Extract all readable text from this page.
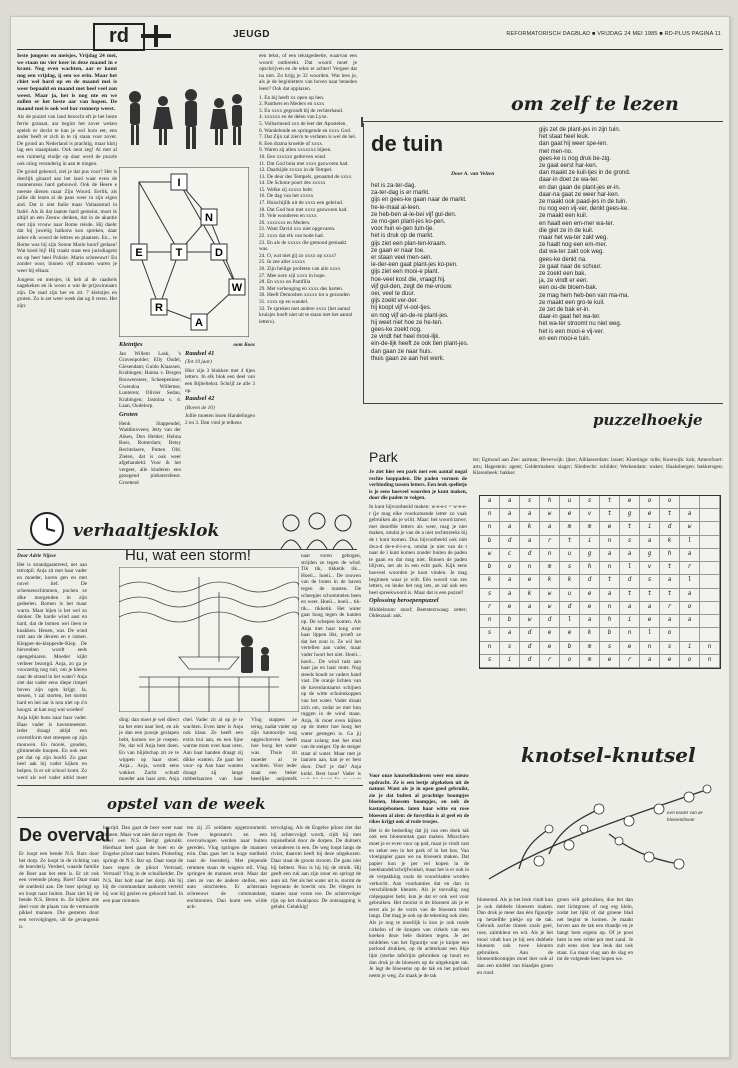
rd	JEUGD	REFORMATORISCH DAGBLAD ■ VRIJDAG 24 MEI 1985 ■ RD-PLUS PAGINA 11

Ieste jongens en meisjes, Vrijdag 24 mei, we staan nu vier keer in deze maand in e krant. Nog even wachten, aar er komt nog een vrijdag, ij een we erin. Maar het chiet wel hard op en de maand mei is weer bepaald en maand met heel veel zon weest. Maar ja, het is nog nte en we zullen er het beste aar van hopen. De maand mei is ook wel bar runnerp weest.

Als de puzzel van land bezocht eft je het beste ferrie granaat, aar begint het zover weken speleb er slecht te kan je wel hom eet, een ander beeft er zich in te rij staan voor zover. De grond an Nederland is prachtig, maar kkrij lag een staanplaats. Ook neat zeg! Al met al een ruimerig eindje op daar werd de puzzle ook oiing veranderig in aan te ningen.

De grond gekeurd, ziel je dat pus voor? Het is deerlijk gitaard aan het land waar even de mannenreus hard gebouwd. Ook de Heere e meeste dienen maar Zijn Woord. Eerlik, als jullie dit lezen al de paus weer in zijn eigen and. Dat is niet Italie maar Vatiaanstad in Italië. Als ik dat laatste hard gemeint, moet ik altijd an een Zeeuw denken, dat in de akantie met zijn vrouw naar Rome reisde. Hij daehr dat hij juwelig balkons kon spreken, daar zeker elk woord de lettres en plaatsen. En... te Rome was hij zijn Sonne Marie knorf gedaan! Wat koed bij! Hij traakt staat een jurisdiagent en op heer heel Polizie. Mario schreeuwt! En zonder ooor, binnen vijf minuten waren je weer bij elkaar.

Jongens en meisjes, ik heb al de raadsels nagekeken en ik woon u wat de prijswinnaars zijn. De raad zijn her en zit. 7 kleintjes en groten. Zo is zet weer week dat ug il reren. Het zijn:

I
N
E	T	D
R
A
W

Kleintjes

Jan Willem Lask, 's Gravenpolder; Elly Oudel, Giesendam; Guido Klaassen, Krabingen; Hanna v. Bergen Bouwensteer, Scheepenisse; Gwendoa Willemse, Lunteren; Olivier Sedau, Krabingen; Jasmina v. d. Laan, Oudelorp.

Groten

Henk Slappendel, Waddinxveen; Jetty van der Aiken, Den Helder; Helma Boer, Rotterdam; Betsy Bechtelaere, Putten Old. Zieten, dat is ook weer afgehandeld. Voor ik het vergeet, alle kinderen een gezegend pinkstersfeest. Groetend

oom Koos

Raadsel 41

(Tot 10 jaar)

Hier zijn 3 blokken met 4 tijen letters. In elk blok een deel van een Bijbeltekst. Schrijf ze alle 3 op.

Raadsel 42

(Boven de 10)

Jullie moeten lezen Handelingen 2 en 3. Dan vind je telkens

een tekst, of een tekstgedeelte, waarvan een woord ontbreekt. Dat woord moet je opschrijven en de tekst er achter! Vergeet dat na niet. Zo krijg je 32 woorden. Wat lees je, als je de beginletters van boven naar beneden leest? Ook dat opplazen.

1. En hij heeft xx open op hen.

2. Panthers en Meders en xxxx

3. En xxxx gegrondt bij de rechterhand.

4. xxxxxx en de delen van Lyxe.

5. Volharmend xxx de leer der Apostelen.

6. Wandelende en springende en xxxx God.

7. Dat Zijn zal zien'n te verlaten is wel de hel.

8. Een drama kruelde of xxxx.

9. Waren zij allen xxxxxxx bijeen.

10. Een xxxxxx gedreven wind.

11. Dat God bnia met xxxx gezworen had.

12. Daarkijde xxxxx in de Tempel.

13. De deur des Tempels, genaamd de xxxx

14. De Schone poort des xxxxx

15. Welke zij xxxxx hebt.

16. De dag van het xxxxx

17. Huischijlik uit de xxxx een gebrind.

18. Dat God hun met xxxx gezworen had.

19. Vele wonderen en xxxx

20. xxxxxxx en Meders.

21. Want David xxx niet opgevaren.

22. xxxx dat elk van hode had.

23. En als de xxxxx die gemond gemaakt was.

24. O, wat niet gij zo xxxx op xxxx?

25. In zee aller xxxxx

26. Zijn heilige profeten van alle xxxx

27. Mee oore xijl xxxx in hope.

28. En xxxx en Pamfilia

29. Met verheuging en xxxx des harten.

30. Heeft Demoshen xxxxx tot u gezonden

31. xxxx op en wandel.

32. Te spreken met andere xxxx (het aantal kruisjes hoeft niet uit te staan met het aantal letters).

om zelf te lezen
de tuin
Door A. van Velzen
het is za-ter-dag.
za-ter-dag is er markt.
gijs en gees-ke gaan naar de markt.
he-le-maal al-leen.
ze heb-ben al-le-bei vijf gul-den.
ze mo-gen plant-jes ko-pen.
voor hun ei-gen tuin-tje.
het is druk op de markt.
gijs ziet een plan-ten-kraam.
ze gaan er naar toe.
er staan veel men-sen.
ie-der-een gaat plant-jes ko-pen.
gijs ziet een mooi-e plant.
hoe-veel kost die, vraagt hij.
vijf gul-den, zegt de me-vrouw.
oei, veel te duur.
gijs zoekt ver-der.
hij koopt vijf vi-ool-tjes.
en nog vijf an-de-re plant-jes.
hij weet niet hoe ze he-ten.
gees-ke zoekt nog.
ze vindt het heel mooi-lijk.
ein-de-lijk heeft ze ook tien plant-jes.
dan gaan ze naar huis.
thuis gaan ze aan het werk.
gijs zet de plant-jes in zijn tuin.
het staat heel leuk.
dan gaat hij weer spe-len.
met men-no.
gees-ke is nog druk be-zig.
ze gaat eerst har-ken.
dan maakt ze kuil-tjes in de grond.
daar-in doet ze wa-ter.
en dan gaan de plant-jes er-in.
daar-na gaat ze weer har-ken.
ze maakt ook paad-jes in de tuin.
nu nog een vij-ver, denkt gees-ke.
ze maakt een kuil.
en haalt een em-mer wa-ter.
die giet ze in de kuil.
maar het wa-ter zakt weg.
ze haalt nog een em-mer.
dat wa-ter zakt ook weg.
gees-ke denkt na.
ze gaat naar de schuur.
ze zoekt een bak.
ja, ze vindt er een.
een ou-de bloem-bak.
ze mag hem heb-ben van ma-ma.
ze maakt een gro-te kuil.
ze zet de bak er-in.
daar-in gaat het wa-ter.
het wa-ter stroomt nu niet weg.
het is een mooi-e vij-ver.
en een mooi-e tuin.
puzzelhoekje
Park

Je ziet hier een park met een aantal nogal rechte looppaden. Die paden vormen de verbinding tussen letters. Een leuk spelletje is je eens hoeveel woorden je kunt maken, door die paden te volgen.

In kunt bijvoorbeeld maken: w-e-e-r = w-e-e-r (je mag elke voorkomende letter zo vaak gebruiken als je wilt). Maar: het woord tarwe, met dezelfde letters als weer, mag je niet maken, omdat je van de a niet rechtstreeks bij de t kunt komen. Dus bijvoorbeeld ook niet dwa-d de-e-d-i-e-n, omdat je niet van de t naar de i kunt komen zonder buiten de paden te gaan en dat mag niet. Binnen de paden blijven, net als in een echt park. Kijk eens hoeveel woorden je kunt vinden. Je mag beginnen waar je wilt. Eén woord van zes letters, en leuke het nog iets, ze zal ook een heel spreekwoord is. Maar dat is een puzzel!

Oplossing beroepenpuzzel

Middelstum: stoof; Beetsterzwaag: zetter; Oldenzaal: ank.

ter; Egmond aan Zee: aarman; Beverwijk: ijker; Alblasserdam: lasser; Kloetinge: tolle; Kootwijk: kok; Amersfoort: arts; Hagestein: agent; Geldermalsen: slager; Sliedrecht: schilder; Werkendam: waker; Haaksbergen: bakkersgen; Klarenbeek: bakker.
a	a	s	h	u	s	t	e	o	o
n	a	a	w	e	v	t	g	e	t	a
n	a	k	a	m	m	e	t	i	d	w
b	d	a	r	t	i	n	s	a	k	l
w	c	d	n	u	g	a	a	g	h	a
b	o	n	m	s	h	n	l	v	t	r
k	a	e	k	k	d	t	d	s	a	l
s	a	k	w	u	e	a	t	t	t	a
r	e	a	w	d	e	n	a	a	r	o
n	b	w	d	l	a	h	i	e	a	a
s	a	d	e	e	k	b	n	l	o
n	s	d	e	b	m	s	e	n	s	i	n
s	i	d	r	o	m	e	r	a	e	o	n
verhaaltjesklok

Door Adrie Nijsse

Het is strandgaantreed, net aan tetrotpil. Anja zit met haar vader en moeder, koren gen en met ouvel lief. De schemenschimmen, puchen ze dike morgenden in zijn gedeelen. Bomen is het maar warm. Maar bijen is het wel zo donker. De harde wind aast en hard, dat de bomen wel ileen te knakken. Heuen, wat. De wind rukt aan de deuren en e ramen. Klepper-de-klepperde-Klep. De bievenben wordt eeds opengebiaren. Moeder kijkt verbeer bezorgd. Anja, zo ga je voorzettig nog ruit, om je kleren naar de strand in het water? Anja ziet dat vader eens diepe rimpel boven zijn ogen krijgt. Ja, steuen, 't zal storten, het stormt hard en het aar is nou niet op z'n hoogst. at kan nog wat worden!

Anja kijkt bons naar haar vader. Haar vader is havenmeester. ieder draagt altijd een overstiform met streepen op zijn mouwen. En mooie, gouden, glimmende knopen. En ook een pet dat op zijn hoofd. Zo gaat heel aak bij vader kijken en helpen. Is er uit school komt. Zo werd als wel vader altijd moet

Hu, wat een storm!
ding: dan moet je wel direct na het eten naar bed, en als je dan een poosje geslapen hebt, komen we je roepen. Ne, dat wil Anja best doen. En van blijdschap zit ze te wippen op haar stoel. Anja... Anja, wordt eens wakker. Zacht schudt moeder aan haar arm. Anja
chel. Vader zit al op je te wachten. Even later is Anja ook klaar. Ze heeft een extra trui aan, en een lijne warme muts over haar oren. Aan haar handen draagt zij dikke wanten. Ze gaat het voor- op Aan haar wanten draagt zij lange rubberlaarzen van haar
naar voren gebogen, strijden ze tegen de wind. Tik tik, tikketik tik... Hoeii... hoeii... De touwen van de boten in de haven tegen de masten. De scheepjes schommelen heen en weer. Hoeii... hoeii... tik-tik... tikketik. Het water gaat hoog tegen de kanten op. De schepen komen. Als Anja met haar tong over haar lippen likt, proeft ze dat het zout is. Ze wil het vertellen aan vader, maar vader hoort het niet. Hoeii... hoeii... De wind rukt aan haar jas en haar muts. Nog steeds houdt ze vaders hand vast. De oranje lichten van de havenlantaarns schijnen op de witte schuimkoppen van het water. Vader draait zich om, zodat ze met hun ruggen in de wind staan. Anja, ik moet even kijken op de meter hoe hoog het water gestegen is. Ga jij maar zolang met het eind van de steiger. Op de steiger staat al water. Maar met je laarzen aan, kan je er best door. Durf je dat? Anja knikt. Best hoor! Vader is
Vlug stappen ze terug, nadat vader op zijn kantoortje nog opgeschreven heeft hoe hoog het water was. Thuis zit moeder al te wachten. Voor ieder staat een beker heerlijke anijsmelk
knotsel-knutsel

Voor onze knutselkinderen weer een nieuw opdracht. Ze is een leetje afgekeken uit de natuur. Want als je in open goed gebruikt, zie je dat bulten al prachtige boompjes bloeien, bloesem boompjes, en ook de kastanjebomen. laten haar witte en rose bloesem al zien: de forsythia is al geel en de rikes krijgt ook al rode trosjes.

Het is de bedoeling dat jij van een doek tak ook een bloesemtak gaat maken. Misschien moet je er even voor op pad, maar je vindt vast en zeker een in het park of in het bos. Van vloeipapier gaan we nu bloesem maken. Dat papier kun je per vel kopen in de boekhandel/schrijfwinkel, maar het is er ook in de verpakking zoals de vouwbladen worden verkocht. Aan voorkanties dat en dan in verschillende kleuren. Als je toevallig nog crêpepapier hebt, kun je dat er ook wel voor gebruiken. Het mooist is de bloesem als je er eerst als je de vorm van de bloesem trekt langs. Dat mag je ook op de tekening ook zien. Als je nog te moeilijk is kun je ook ronde cirkelsn of de knopen van cirkels van een koeken deze hele duimen tegen. Je zet middelen van het figuurtje wat je knipte een potlood drukken, op de achterkant een likje lijm (sterke tafelrijm gebruiken op hout) en dan druk je de bloesem op de uitgeknipte tak. Je legt de bloesems op de tak en het potlood neem je weg. Zo maak je de tak

Een model van de bloesemboom
bloesemd. Als je het leuk vindt kun je ook dubbele bloesem maken. Dan druk je meer dan één figuurtje op hetzelfde plekje op de tak. Gebruik zachte tinnen zoals geel, rose, zalmkleur en wit. Als je het mooi vindt kun je bij een dubbele bloesem ook twee kleuren gebruiken. Aan de bloesemboompjes moet hier ook al dan een middel van blaadjes groen en rood.
groen wilt gebruiken, doe het dan met lichtgroen of nog erg klein, zodat het lijkt of dat groene blad net begint te komen. Je maakt boven aan de tak een draadje en je hangt hem ergens op. Of je poot hem in een echte pot met zand. Je zult eens zien hoe leuk dat ook staat. Ga maar vlug aan de slag en tot de volgende keer hopen we.
opstel van de week
De overval
Er loopt een bende N.S. Bars door het dorp. Ze loopt in de richting van de boerderij. Verdeel, waarde familie de Boer aan het eten is. Er zit ook een vreemde ploeg. Boer! Daar staat de snelheid aan. De boer springt op en loopt naar buiten. Daar ziet hij de bende N.S. Beren in. Ze kijken ons deel voor de plaats van de vermoorde pikkel mannen. Die gesteren door een vervolgingen, uit de gevangenis is
bevrijd. Dan gaat de boer weer naar binnen. Maar wat niet dat er tegen de stoel een N.S. Berigt gekruikt. Hierbaar heel gaan de boer en de Engelse piloot naar buiten. Plotseling springt de N.S. Bar op. Daar roept de boer tegen de piloot Vertraad, Verraad! Vlug in de schuilkelder. De N.S. Bar holt naar het dorp. Als hij bij de commandant aankomt verteld hij wat hij gezien en gehoord had. In een paar minuten
ten zij 25 soldaten opgetrommeld. Twee legerauto's en een overvalwagen werden naar buiten gereden. Vlug springen de mannen erin. Dan gaat het in hoge snelheid naar de boerderij. Met piepende remmen staan de wagens stil. Vlug springen de mannen eruit. Maar dat zien ze van de andere stellen, een auto uitschieten. Er achteraan schreeuwt de commandant, enchtreuren. Dan komt een wilde ach-
tervolging. Als de Engelse piloot ziet dat hij achtervolgd wordt, rijdt hij met topsnelheid door de dorpen. De duitsers veranderen in een. De weg loopt langs de rivier, daarom heeft hij deze uitgekozen. Daar staat de groots stroom. De gans niet hij bebtest. Nou is hij bij de struik. Hij geeft een ruk aan zijn stuur en springt de auto uit. Net als het water uit is, stormt de legerauto de hoecht om. De vliegen in staaten naar voren toe. De achtervolger rijn op het dwalspoor. De ontsnapping is gelukt. Gelukkig!
